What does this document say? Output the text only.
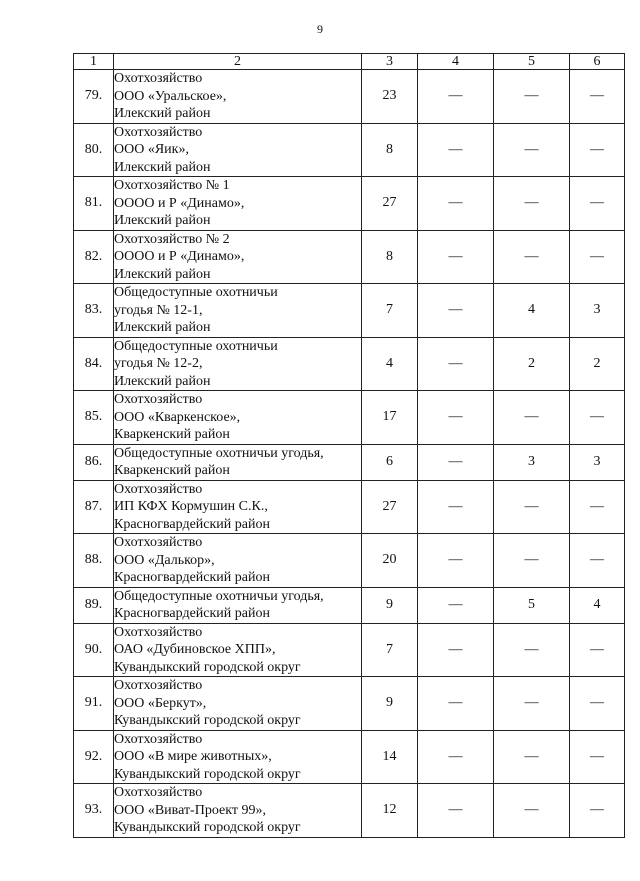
9
1	2	3	4	5	6
79.	Охотхозяйство
ООО «Уральское»,
Илекский район	23	—	—	—
80.	Охотхозяйство
ООО «Яик»,
Илекский район	8	—	—	—
81.	Охотхозяйство № 1
ОООО и Р «Динамо»,
Илекский район	27	—	—	—
82.	Охотхозяйство № 2
ОООО и Р «Динамо»,
Илекский район	8	—	—	—
83.	Общедоступные охотничьи
угодья № 12-1,
Илекский район	7	—	4	3
84.	Общедоступные охотничьи
угодья № 12-2,
Илекский район	4	—	2	2
85.	Охотхозяйство
ООО «Кваркенское»,
Кваркенский район	17	—	—	—
86.	Общедоступные охотничьи угодья,
Кваркенский район	6	—	3	3
87.	Охотхозяйство
ИП КФХ Кормушин С.К.,
Красногвардейский район	27	—	—	—
88.	Охотхозяйство
ООО «Далькор»,
Красногвардейский район	20	—	—	—
89.	Общедоступные охотничьи угодья,
Красногвардейский район	9	—	5	4
90.	Охотхозяйство
ОАО «Дубиновское ХПП»,
Кувандыкский городской округ	7	—	—	—
91.	Охотхозяйство
ООО «Беркут»,
Кувандыкский городской округ	9	—	—	—
92.	Охотхозяйство
ООО «В мире животных»,
Кувандыкский городской округ	14	—	—	—
93.	Охотхозяйство
ООО «Виват-Проект 99»,
Кувандыкский городской округ	12	—	—	—
